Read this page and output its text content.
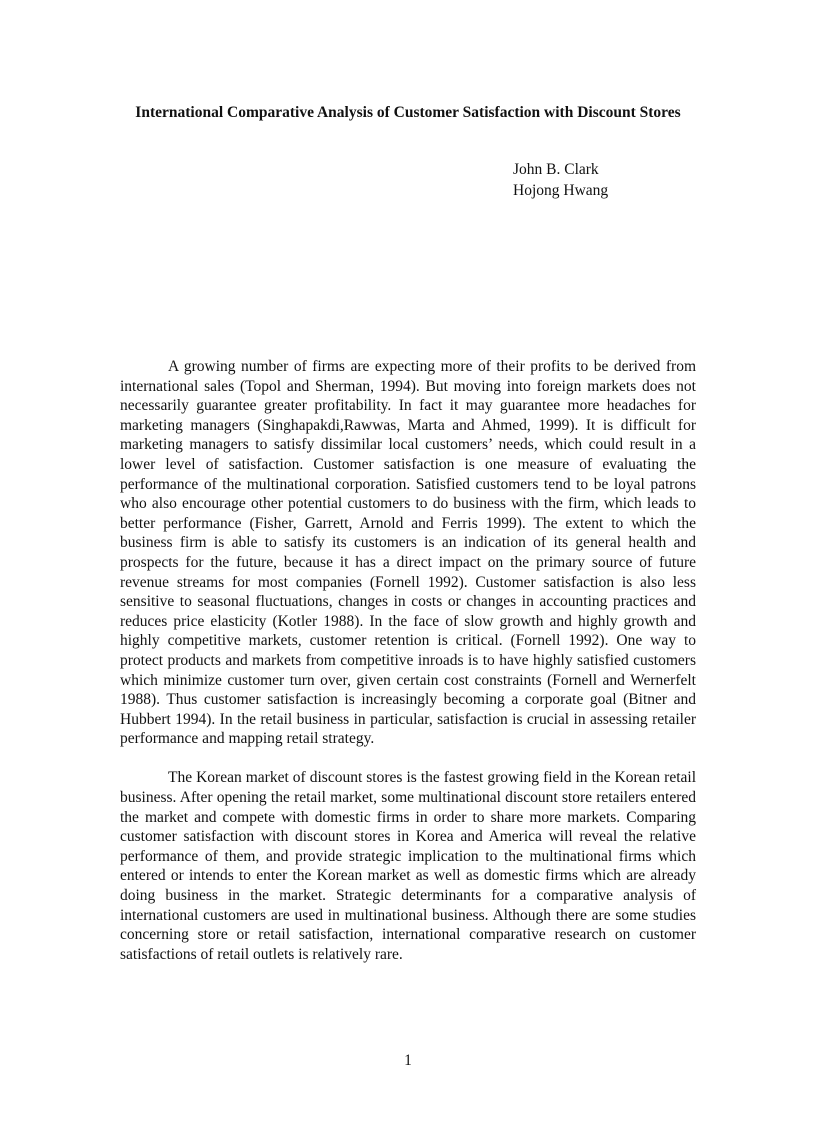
International Comparative Analysis of Customer Satisfaction with Discount Stores
John B. Clark
Hojong Hwang

A growing number of firms are expecting more of their profits to be derived from international sales (Topol and Sherman, 1994). But moving into foreign markets does not necessarily guarantee greater profitability. In fact it may guarantee more headaches for marketing managers (Singhapakdi,Rawwas, Marta and Ahmed, 1999). It is difficult for marketing managers to satisfy dissimilar local customers’ needs, which could result in a lower level of satisfaction. Customer satisfaction is one measure of evaluating the performance of the multinational corporation. Satisfied customers tend to be loyal patrons who also encourage other potential customers to do business with the firm, which leads to better performance (Fisher, Garrett, Arnold and Ferris 1999). The extent to which the business firm is able to satisfy its customers is an indication of its general health and prospects for the future, because it has a direct impact on the primary source of future revenue streams for most companies (Fornell 1992). Customer satisfaction is also less sensitive to seasonal fluctuations, changes in costs or changes in accounting practices and reduces price elasticity (Kotler 1988). In the face of slow growth and highly growth and highly competitive markets, customer retention is critical. (Fornell 1992). One way to protect products and markets from competitive inroads is to have highly satisfied customers which minimize customer turn over, given certain cost constraints (Fornell and Wernerfelt 1988). Thus customer satisfaction is increasingly becoming a corporate goal (Bitner and Hubbert 1994). In the retail business in particular, satisfaction is crucial in assessing retailer performance and mapping retail strategy.

The Korean market of discount stores is the fastest growing field in the Korean retail business. After opening the retail market, some multinational discount store retailers entered the market and compete with domestic firms in order to share more markets. Comparing customer satisfaction with discount stores in Korea and America will reveal the relative performance of them, and provide strategic implication to the multinational firms which entered or intends to enter the Korean market as well as domestic firms which are already doing business in the market. Strategic determinants for a comparative analysis of international customers are used in multinational business. Although there are some studies concerning store or retail satisfaction, international comparative research on customer satisfactions of retail outlets is relatively rare.

1
